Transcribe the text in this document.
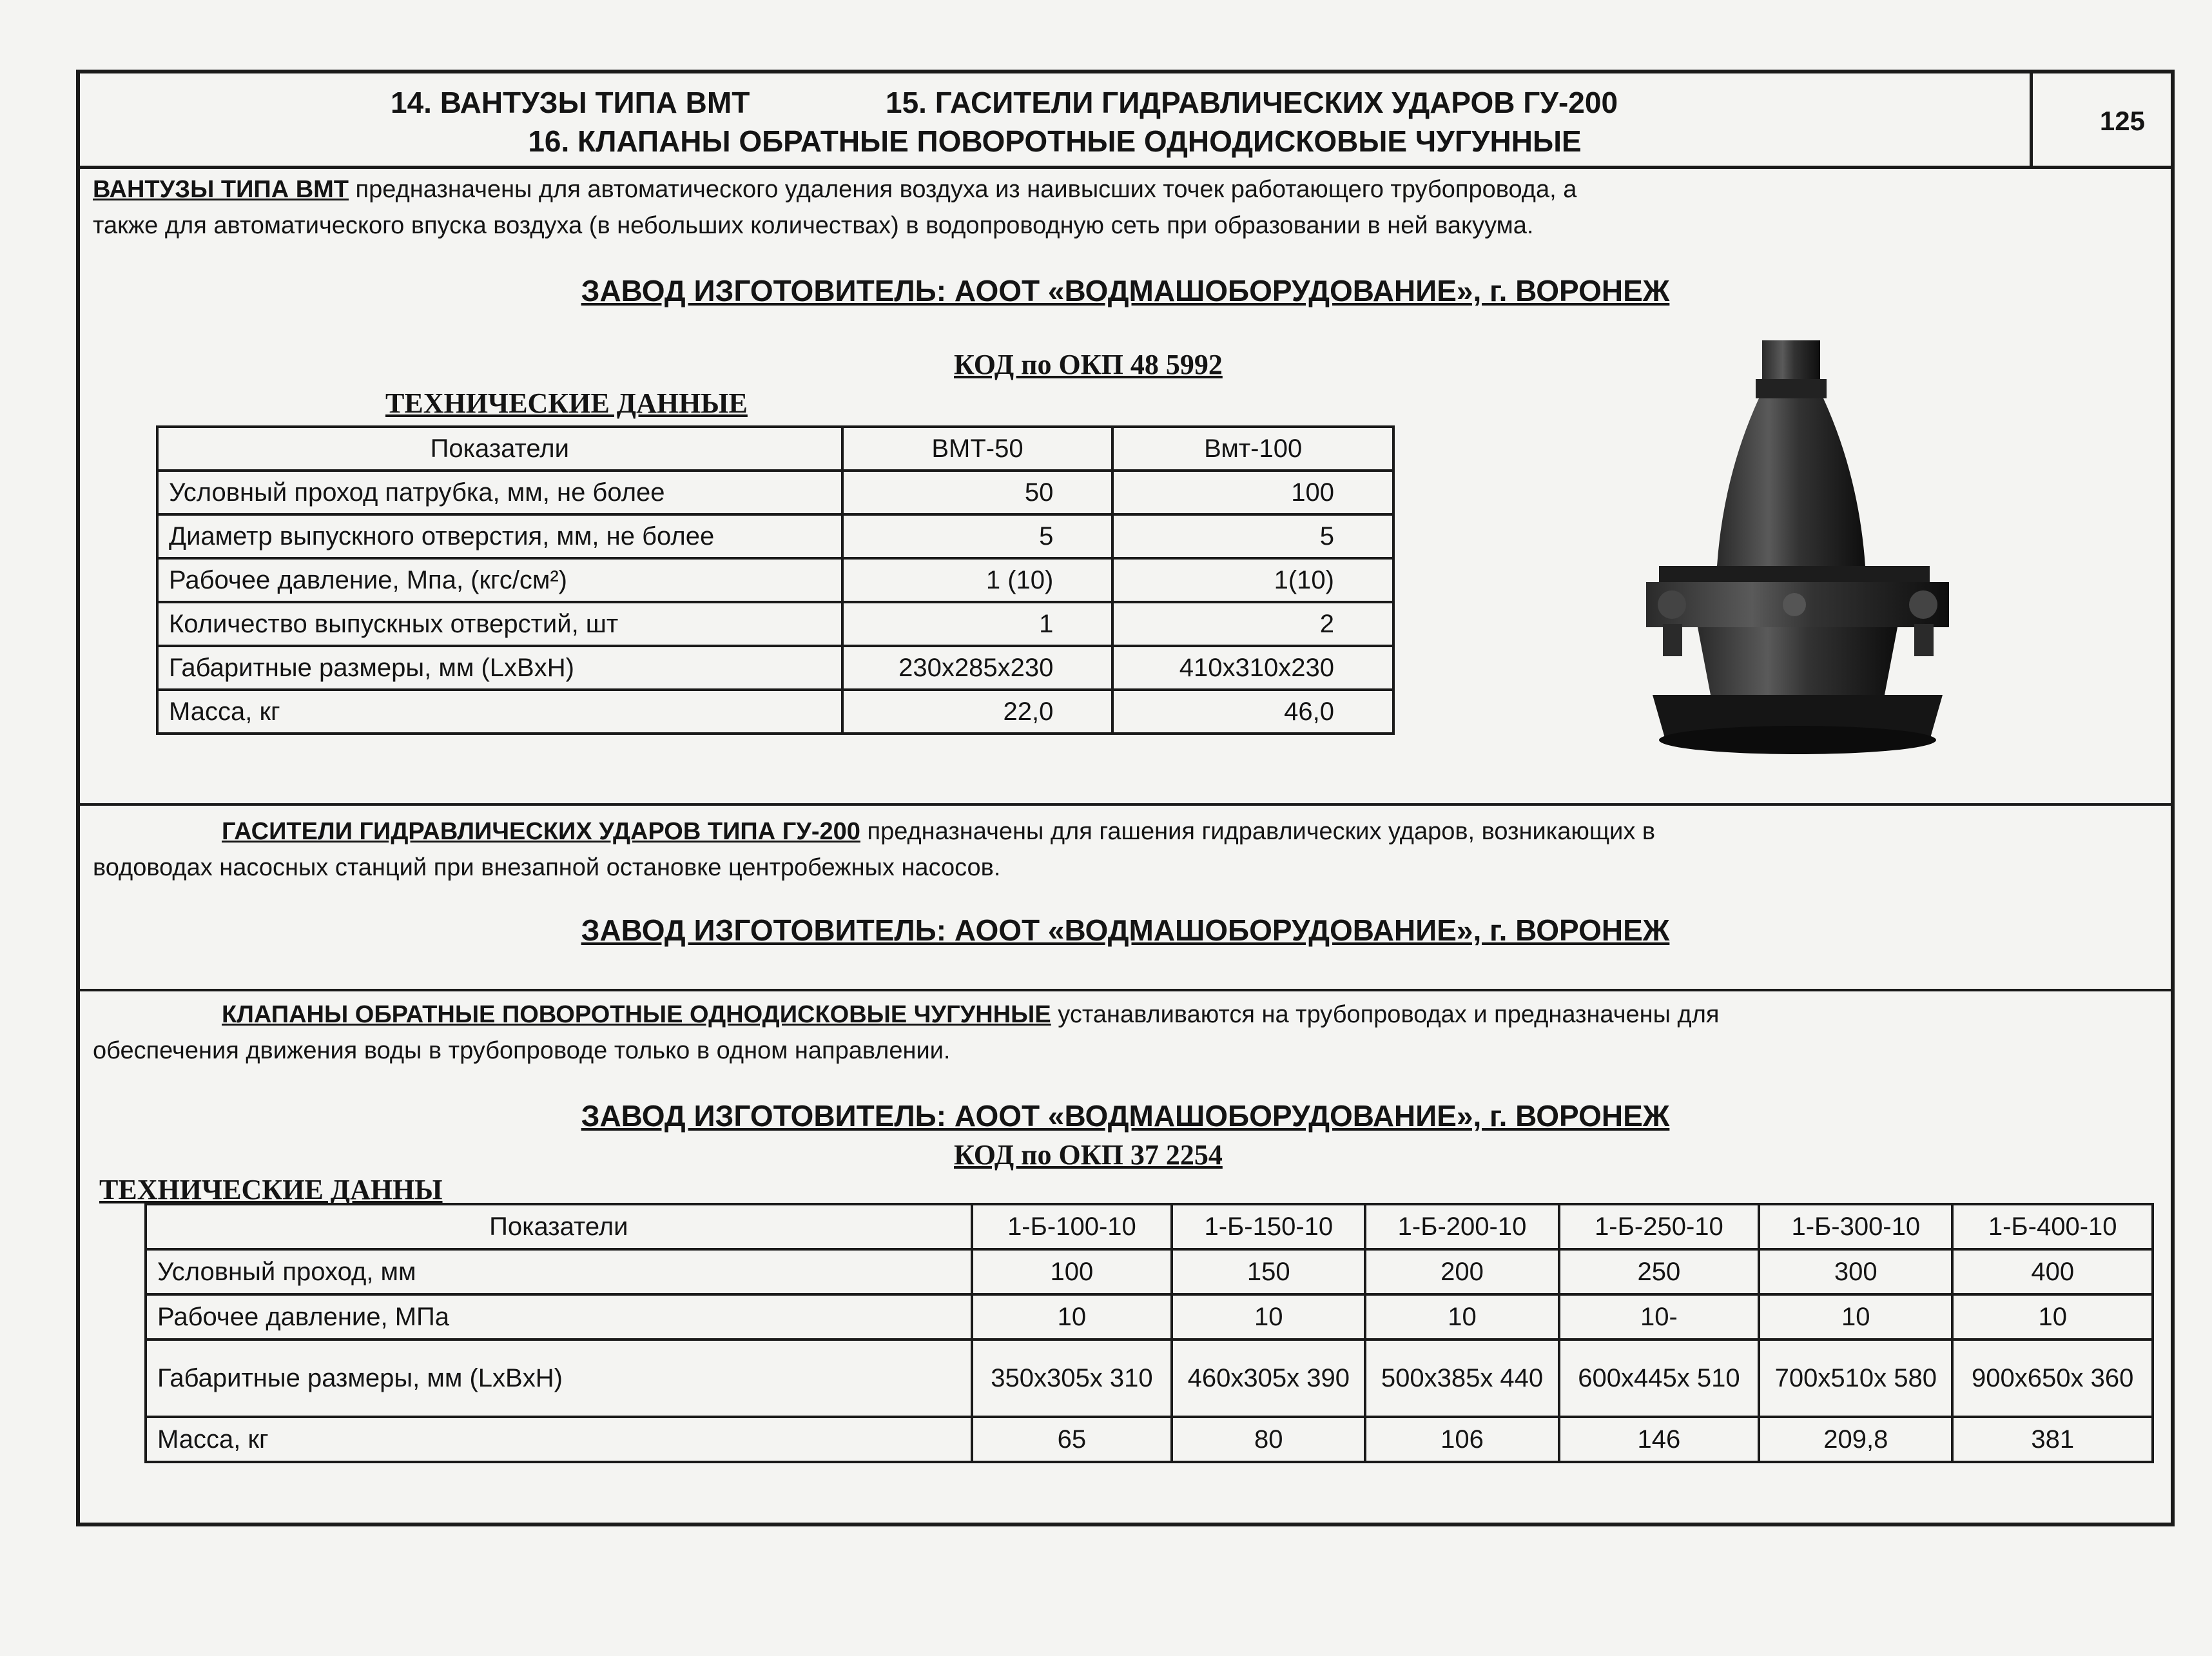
14. ВАНТУЗЫ ТИПА ВМТ	15. ГАСИТЕЛИ ГИДРАВЛИЧЕСКИХ УДАРОВ ГУ-200
16. КЛАПАНЫ ОБРАТНЫЕ ПОВОРОТНЫЕ ОДНОДИСКОВЫЕ ЧУГУННЫЕ
125
ВАНТУЗЫ ТИПА ВМТ предназначены для автоматического удаления воздуха из наивысших точек работающего трубопровода, а
также для автоматического впуска воздуха (в небольших количествах) в водопроводную сеть при образовании в ней вакуума.
ЗАВОД ИЗГОТОВИТЕЛЬ: АООТ «ВОДМАШОБОРУДОВАНИЕ», г. ВОРОНЕЖ
КОД по ОКП 48 5992
ТЕХНИЧЕСКИЕ ДАННЫЕ
Показатели	ВМТ-50	Вмт-100
Условный проход патрубка, мм, не более	50	100
Диаметр выпускного отверстия, мм, не более	5	5
Рабочее давление, Мпа, (кгс/см²)	1 (10)	1(10)
Количество выпускных отверстий, шт	1	2
Габаритные размеры, мм (LxBxH)	230x285x230	410x310x230
Масса, кг	22,0	46,0
ГАСИТЕЛИ ГИДРАВЛИЧЕСКИХ УДАРОВ ТИПА ГУ-200 предназначены для гашения гидравлических ударов, возникающих в
водоводах насосных станций при внезапной остановке центробежных насосов.
ЗАВОД ИЗГОТОВИТЕЛЬ: АООТ «ВОДМАШОБОРУДОВАНИЕ», г. ВОРОНЕЖ
КЛАПАНЫ ОБРАТНЫЕ ПОВОРОТНЫЕ ОДНОДИСКОВЫЕ ЧУГУННЫЕ устанавливаются на трубопроводах и предназначены для
обеспечения движения воды в трубопроводе только в одном направлении.
ЗАВОД ИЗГОТОВИТЕЛЬ: АООТ «ВОДМАШОБОРУДОВАНИЕ», г. ВОРОНЕЖ
КОД по ОКП 37 2254
ТЕХНИЧЕСКИЕ ДАННЫ
Показатели	1-Б-100-10	1-Б-150-10	1-Б-200-10	1-Б-250-10	1-Б-300-10	1-Б-400-10
Условный проход, мм	100	150	200	250	300	400
Рабочее давление, МПа	10	10	10	10-	10	10
Габаритные размеры, мм (LxBxH)	350x305x 310	460x305x 390	500x385x 440	600x445x 510	700x510x 580	900x650x 360
Масса, кг	65	80	106	146	209,8	381
